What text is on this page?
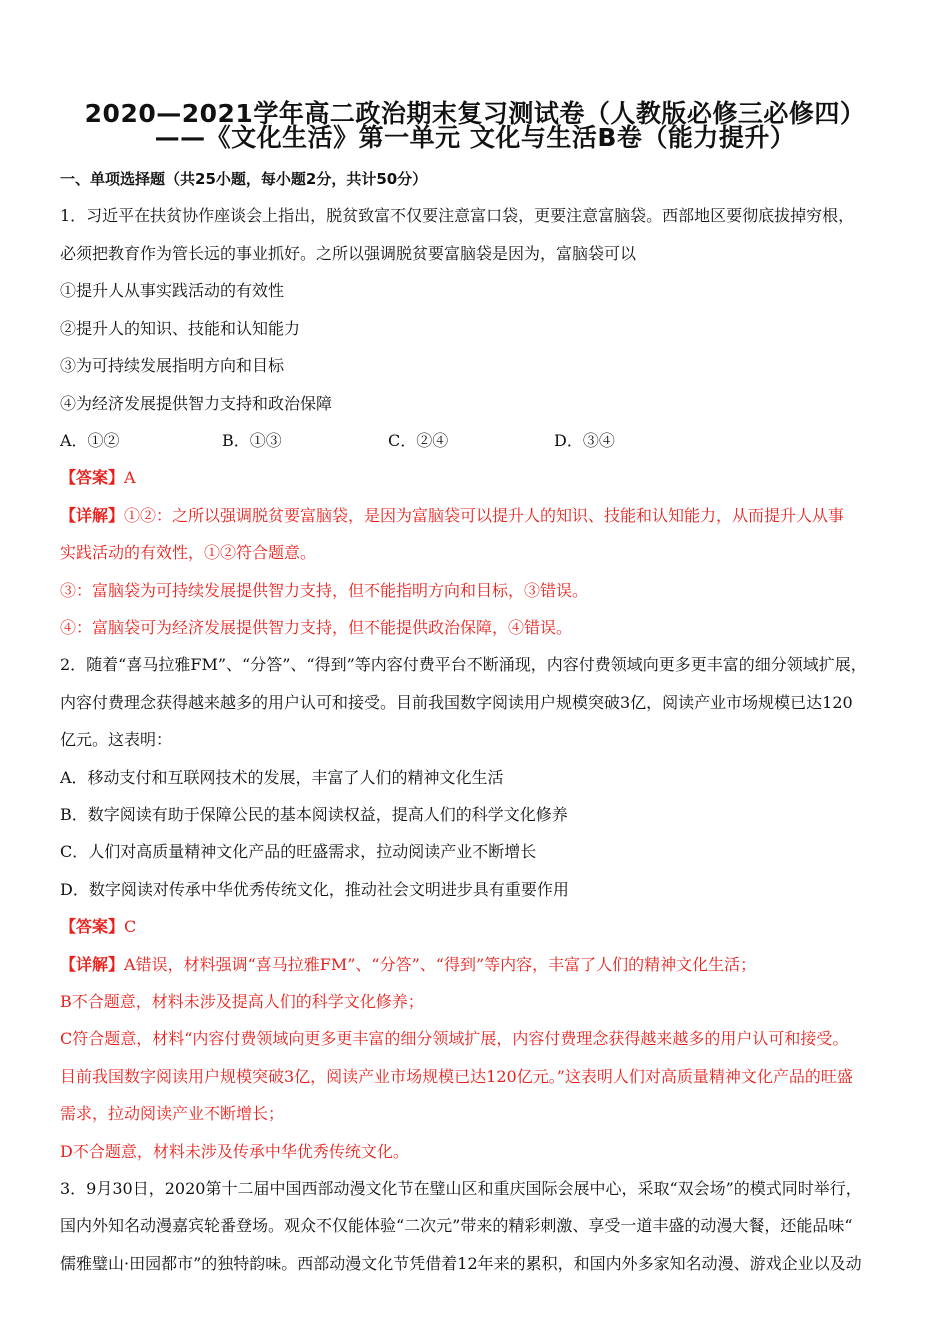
2020—2021学年高二政治期末复习测试卷（人教版必修三必修四）
——《文化生活》第一单元 文化与生活B卷（能力提升）
一、单项选择题（共25小题，每小题2分，共计50分）
1．习近平在扶贫协作座谈会上指出，脱贫致富不仅要注意富口袋，更要注意富脑袋。西部地区要彻底拔掉穷根，
必须把教育作为管长远的事业抓好。之所以强调脱贫要富脑袋是因为，富脑袋可以
①提升人从事实践活动的有效性
②提升人的知识、技能和认知能力
③为可持续发展指明方向和目标
④为经济发展提供智力支持和政治保障
A．①②	B．①③	C．②④	D．③④
【答案】A
【详解】①②：之所以强调脱贫要富脑袋，是因为富脑袋可以提升人的知识、技能和认知能力，从而提升人从事
实践活动的有效性，①②符合题意。
③：富脑袋为可持续发展提供智力支持，但不能指明方向和目标，③错误。
④：富脑袋可为经济发展提供智力支持，但不能提供政治保障，④错误。
2．随着“喜马拉雅FM”、“分答”、“得到”等内容付费平台不断涌现，内容付费领域向更多更丰富的细分领域扩展，
内容付费理念获得越来越多的用户认可和接受。目前我国数字阅读用户规模突破3亿，阅读产业市场规模已达120
亿元。这表明：
A．移动支付和互联网技术的发展，丰富了人们的精神文化生活
B．数字阅读有助于保障公民的基本阅读权益，提高人们的科学文化修养
C．人们对高质量精神文化产品的旺盛需求，拉动阅读产业不断增长
D．数字阅读对传承中华优秀传统文化，推动社会文明进步具有重要作用
【答案】C
【详解】A错误，材料强调“喜马拉雅FM”、“分答”、“得到”等内容，丰富了人们的精神文化生活；
B不合题意，材料未涉及提高人们的科学文化修养；
C符合题意，材料“内容付费领域向更多更丰富的细分领域扩展，内容付费理念获得越来越多的用户认可和接受。
目前我国数字阅读用户规模突破3亿，阅读产业市场规模已达120亿元。”这表明人们对高质量精神文化产品的旺盛
需求，拉动阅读产业不断增长；
D不合题意，材料未涉及传承中华优秀传统文化。
3．9月30日，2020第十二届中国西部动漫文化节在璧山区和重庆国际会展中心，采取“双会场”的模式同时举行，
国内外知名动漫嘉宾轮番登场。观众不仅能体验“二次元”带来的精彩刺激、享受一道丰盛的动漫大餐，还能品味“
儒雅璧山·田园都市”的独特韵味。西部动漫文化节凭借着12年来的累积，和国内外多家知名动漫、游戏企业以及动
